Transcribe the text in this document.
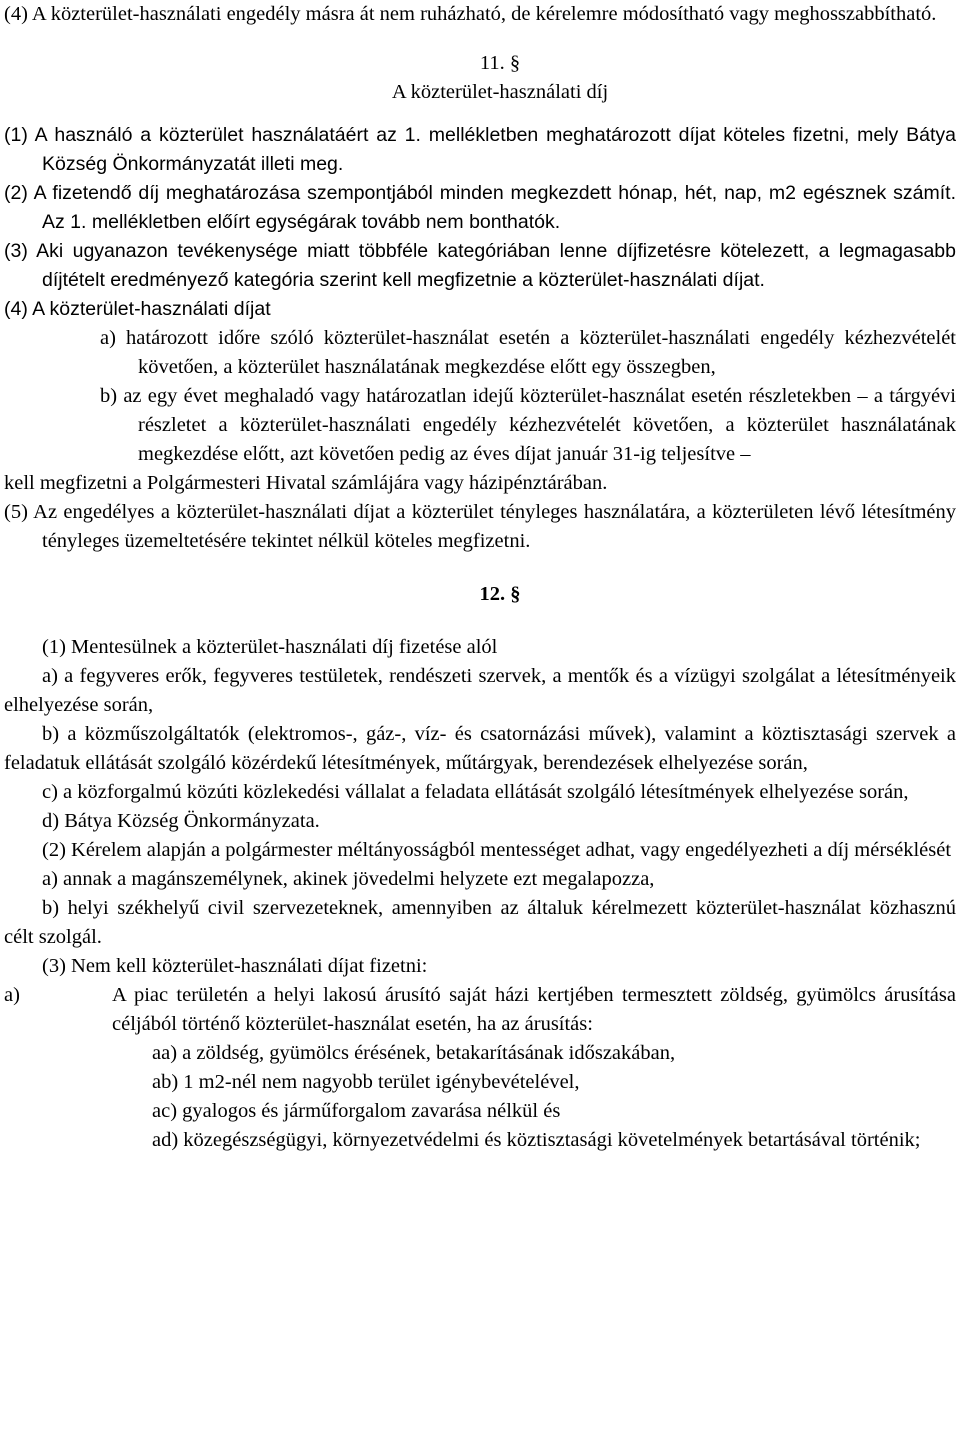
(4) A közterület-használati engedély másra át nem ruházható, de kérelemre módosítható vagy meghosszabbítható.

11. §

A közterület-használati díj

(1) A használó a közterület használatáért az 1. mellékletben meghatározott díjat köteles fizetni, mely Bátya Község Önkormányzatát illeti meg.

(2) A fizetendő díj meghatározása szempontjából minden megkezdett hónap, hét, nap, m2 egésznek számít. Az 1. mellékletben előírt egységárak tovább nem bonthatók.

(3) Aki ugyanazon tevékenysége miatt többféle kategóriában lenne díjfizetésre kötelezett, a legmagasabb díjtételt eredményező kategória szerint kell megfizetnie a közterület-használati díjat.

(4) A közterület-használati díjat

a) határozott időre szóló közterület-használat esetén a közterület-használati engedély kézhezvételét követően, a közterület használatának megkezdése előtt egy összegben,

b) az egy évet meghaladó vagy határozatlan idejű közterület-használat esetén részletekben – a tárgyévi részletet a közterület-használati engedély kézhezvételét követően, a közterület használatának megkezdése előtt, azt követően pedig az éves díjat január 31-ig teljesítve –

kell megfizetni a Polgármesteri Hivatal számlájára vagy házipénztárában.

(5) Az engedélyes a közterület-használati díjat a közterület tényleges használatára, a közterületen lévő létesítmény tényleges üzemeltetésére tekintet nélkül köteles megfizetni.

12. §

(1) Mentesülnek a közterület-használati díj fizetése alól

a) a fegyveres erők, fegyveres testületek, rendészeti szervek, a mentők és a vízügyi szolgálat a létesítményeik elhelyezése során,

b) a közműszolgáltatók (elektromos-, gáz-, víz- és csatornázási művek), valamint a köztisztasági szervek a feladatuk ellátását szolgáló közérdekű létesítmények, műtárgyak, berendezések elhelyezése során,

c) a közforgalmú közúti közlekedési vállalat a feladata ellátását szolgáló létesítmények elhelyezése során,

d) Bátya Község Önkormányzata.

(2) Kérelem alapján a polgármester méltányosságból mentességet adhat, vagy engedélyezheti a díj mérséklését

a) annak a magánszemélynek, akinek jövedelmi helyzete ezt megalapozza,

b) helyi székhelyű civil szervezeteknek, amennyiben az általuk kérelmezett közterület-használat közhasznú célt szolgál.

(3) Nem kell közterület-használati díjat fizetni:

a)	A piac területén a helyi lakosú árusító saját házi kertjében termesztett zöldség, gyümölcs árusítása céljából történő közterület-használat esetén, ha az árusítás:

aa) a zöldség, gyümölcs érésének, betakarításának időszakában,

ab) 1 m2-nél nem nagyobb terület igénybevételével,

ac) gyalogos és járműforgalom zavarása nélkül és

ad) közegészségügyi, környezetvédelmi és köztisztasági követelmények betartásával történik;
